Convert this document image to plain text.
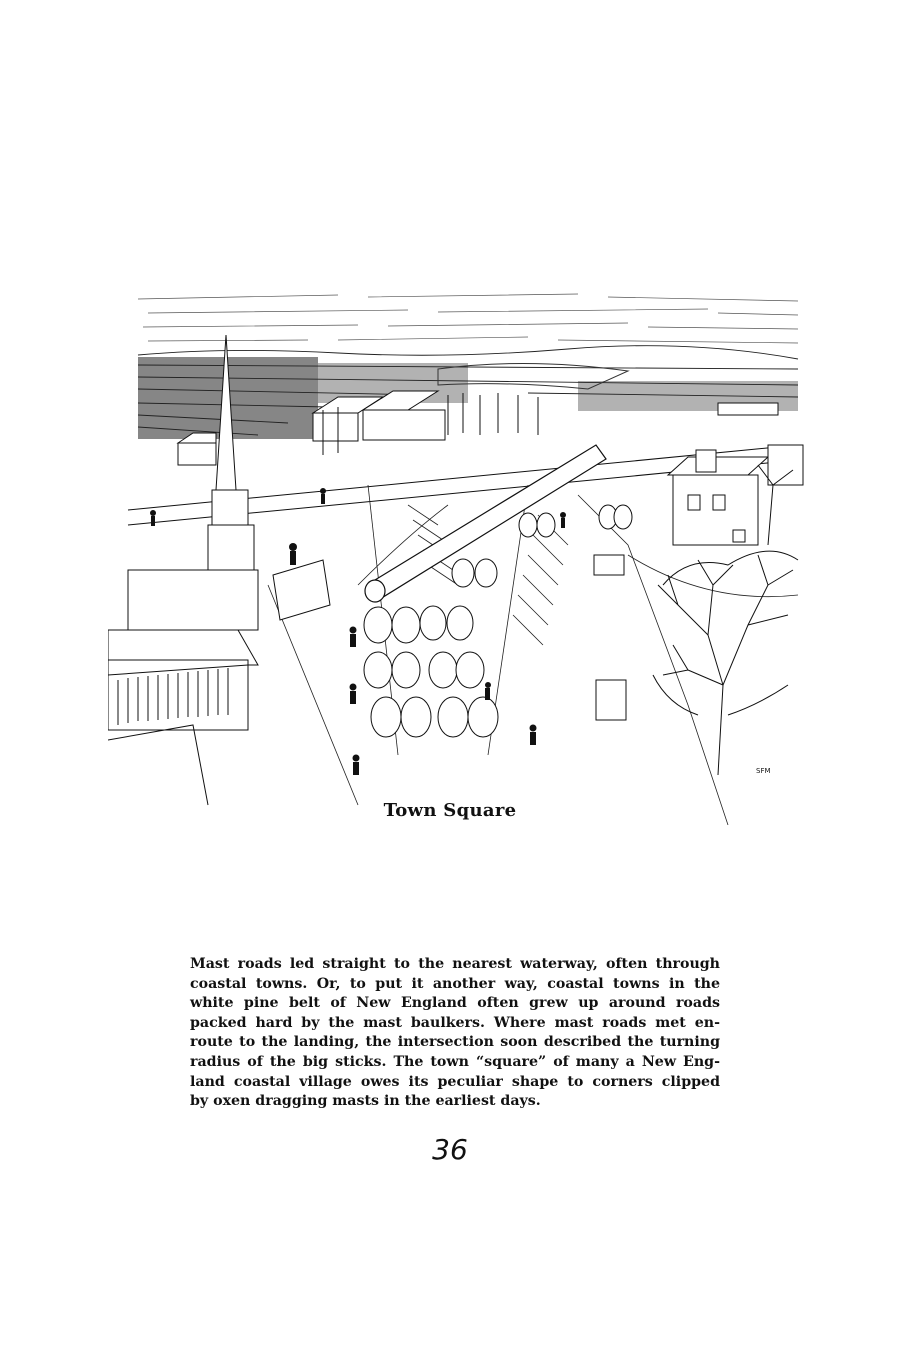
SFM
Town Square

Mast roads led straight to the nearest waterway, often through
coastal towns. Or, to put it another way, coastal towns in the
white pine belt of New England often grew up around roads
packed hard by the mast baulkers. Where mast roads met en-
route to the landing, the intersection soon described the turning
radius of the big sticks. The town “square” of many a New Eng-
land coastal village owes its peculiar shape to corners clipped
by oxen dragging masts in the earliest days.

36
